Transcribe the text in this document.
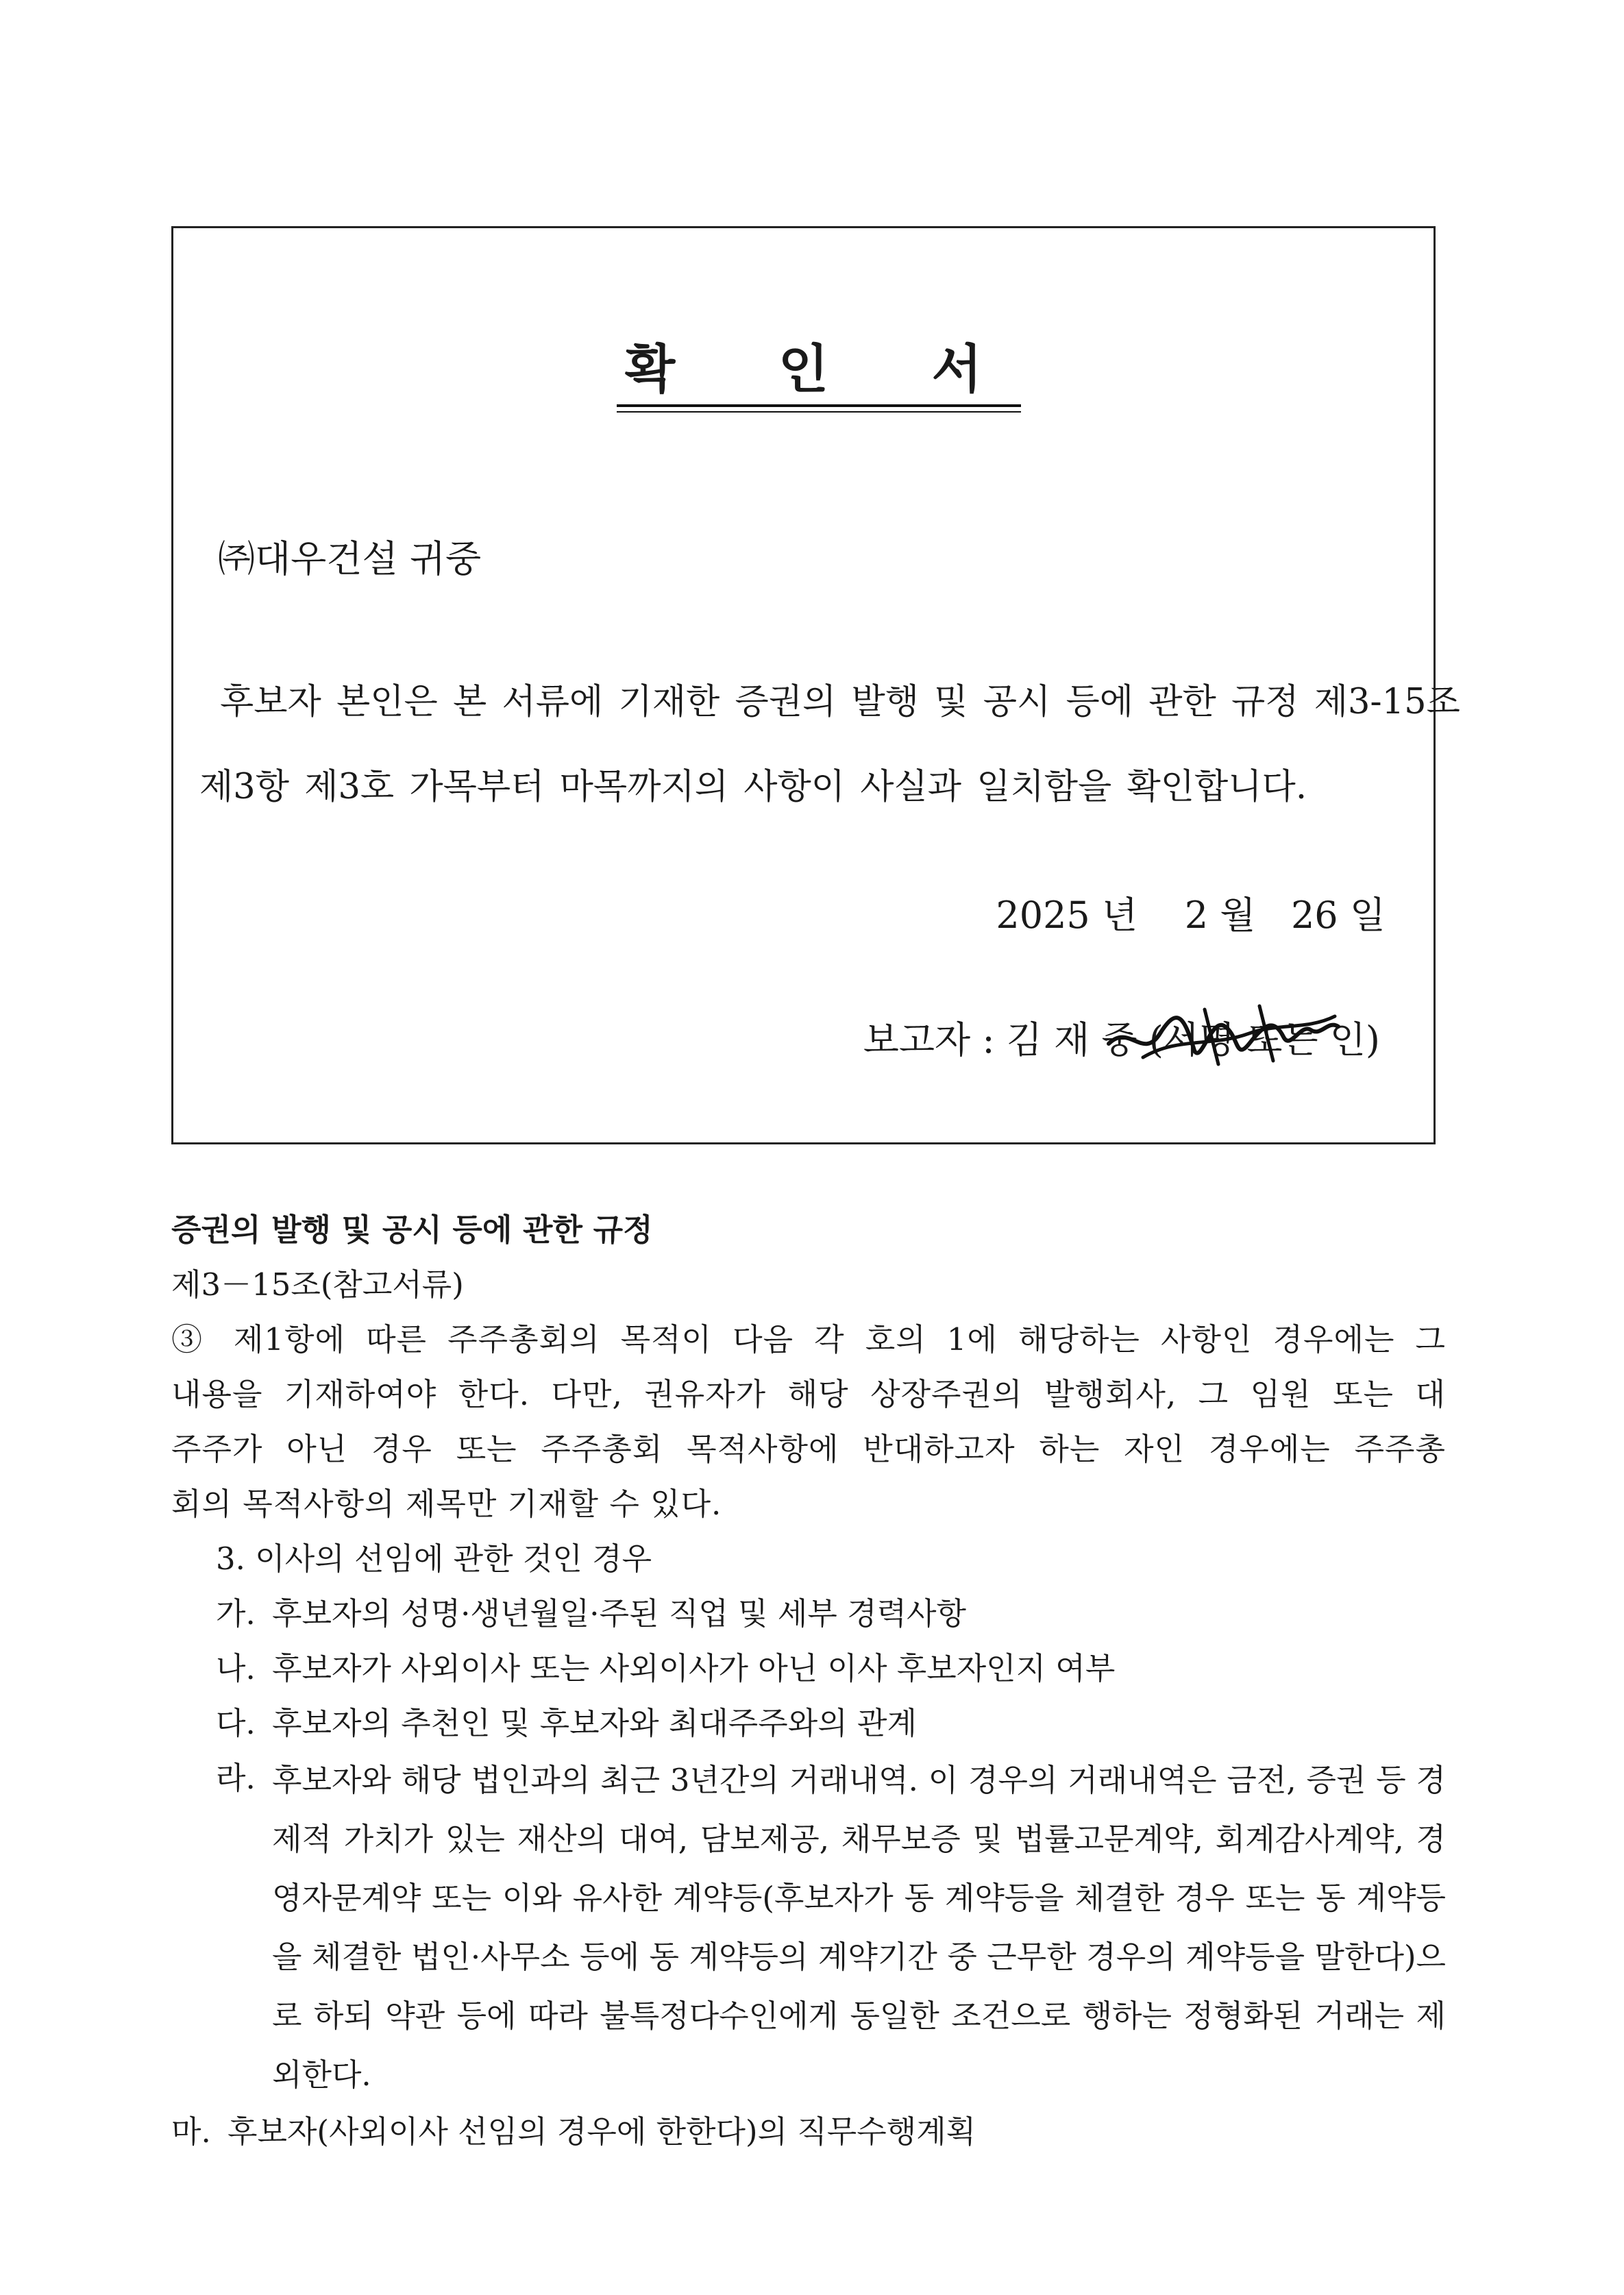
확 인 서
㈜대우건설 귀중
후보자 본인은 본 서류에 기재한 증권의 발행 및 공시 등에 관한 규정 제3-15조
제3항 제3호 가목부터 마목까지의 사항이 사실과 일치함을 확인합니다.
2025 년    2 월   26 일
보고자 : 김 재 중 (서명 또는 인)
증권의 발행 및 공시 등에 관한 규정
제3－15조(참고서류)
③ 제1항에 따른 주주총회의 목적이 다음 각 호의 1에 해당하는 사항인 경우에는 그
내용을 기재하여야 한다. 다만, 권유자가 해당 상장주권의 발행회사, 그 임원 또는 대
주주가 아닌 경우 또는 주주총회 목적사항에 반대하고자 하는 자인 경우에는 주주총
회의 목적사항의 제목만 기재할 수 있다.
3. 이사의 선임에 관한 것인 경우
가. 후보자의 성명·생년월일·주된 직업 및 세부 경력사항
나. 후보자가 사외이사 또는 사외이사가 아닌 이사 후보자인지 여부
다. 후보자의 추천인 및 후보자와 최대주주와의 관계
라. 후보자와 해당 법인과의 최근 3년간의 거래내역. 이 경우의 거래내역은 금전, 증권 등 경제적 가치가 있는 재산의 대여, 담보제공, 채무보증 및 법률고문계약, 회계감사계약, 경영자문계약 또는 이와 유사한 계약등(후보자가 동 계약등을 체결한 경우 또는 동 계약등을 체결한 법인·사무소 등에 동 계약등의 계약기간 중 근무한 경우의 계약등을 말한다)으로 하되 약관 등에 따라 불특정다수인에게 동일한 조건으로 행하는 정형화된 거래는 제외한다.
마. 후보자(사외이사 선임의 경우에 한한다)의 직무수행계획
